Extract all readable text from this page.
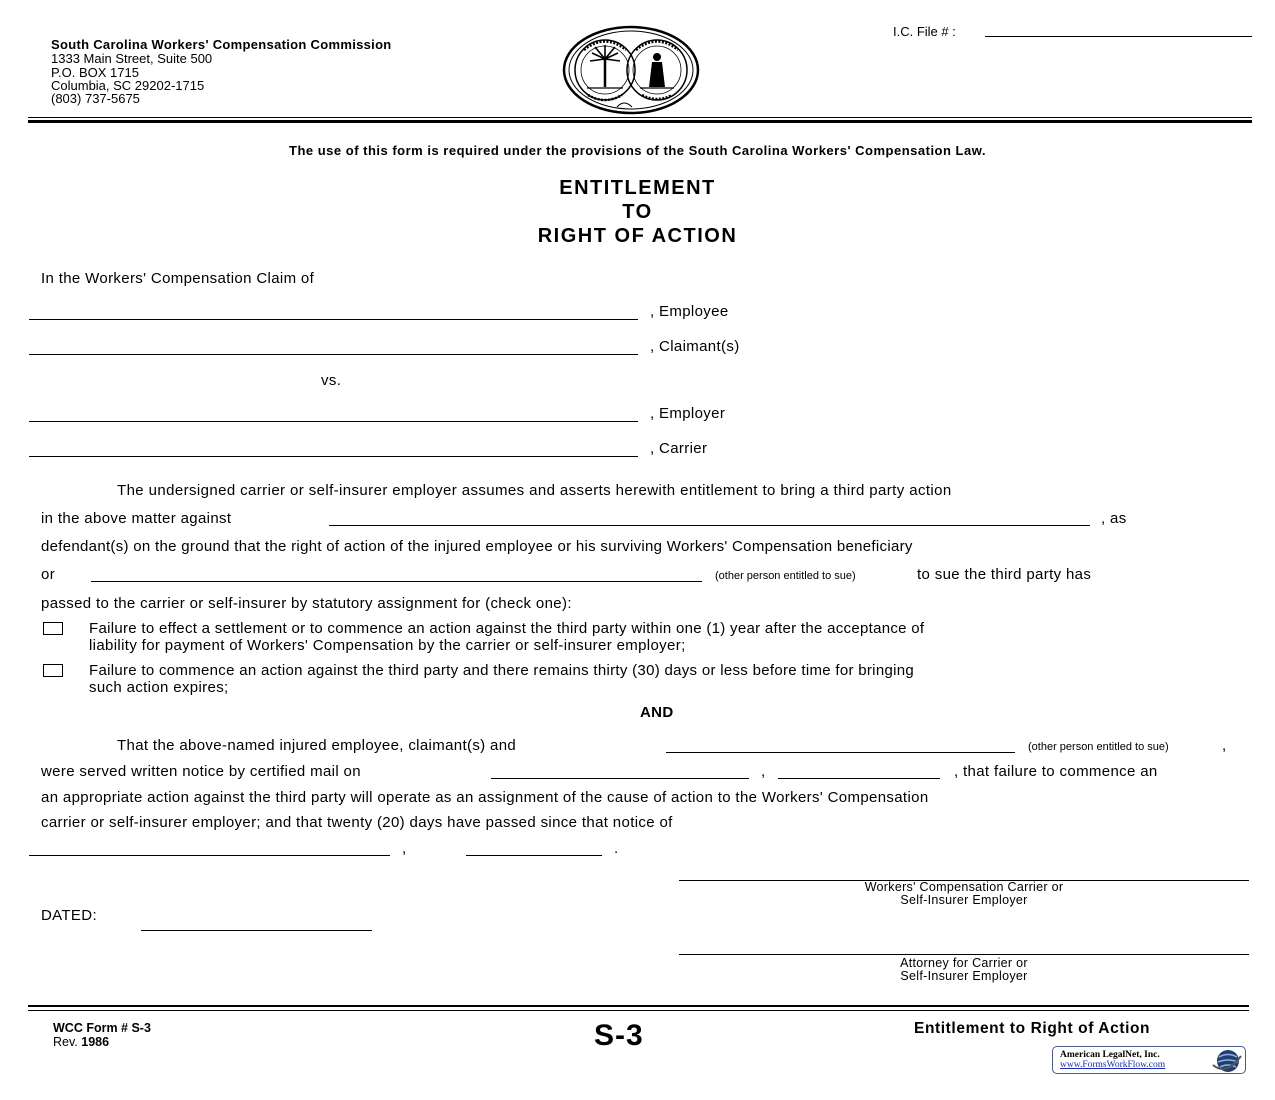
South Carolina Workers' Compensation Commission
1333 Main Street, Suite 500
P.O. BOX 1715
Columbia, SC 29202-1715
(803) 737-5675
I.C. File # :
The use of this form is required under the provisions of the South Carolina Workers' Compensation Law.
ENTITLEMENT
TO
RIGHT OF ACTION
In the Workers' Compensation Claim of
, Employee
, Claimant(s)
vs.
, Employer
, Carrier
The undersigned carrier or self-insurer employer assumes and asserts herewith entitlement to bring a third party action
in the above matter against	, as
defendant(s) on the ground that the right of action of the injured employee or his surviving Workers' Compensation beneficiary
or	(other person entitled to sue)	to sue the third party has
passed to the carrier or self-insurer by statutory assignment for (check one):
Failure to effect a settlement or to commence an action against the third party within one (1) year after the acceptance of
liability for payment of Workers' Compensation by the carrier or self-insurer employer;
Failure to commence an action against the third party and there remains thirty (30) days or less before time for bringing
such action expires;
AND
That the above-named injured employee, claimant(s) and	(other person entitled to sue)	,
were served written notice by certified mail on	,	, that failure to commence an
an appropriate action against the third party will operate as an assignment of the cause of action to the Workers' Compensation
carrier or self-insurer employer; and that twenty (20) days have passed since that notice of
,	.
Workers' Compensation Carrier or
Self-Insurer Employer
DATED:
Attorney for Carrier or
Self-Insurer Employer
WCC Form # S-3
Rev. 1986	S-3	Entitlement to Right of Action
American LegalNet, Inc.
www.FormsWorkFlow.com
